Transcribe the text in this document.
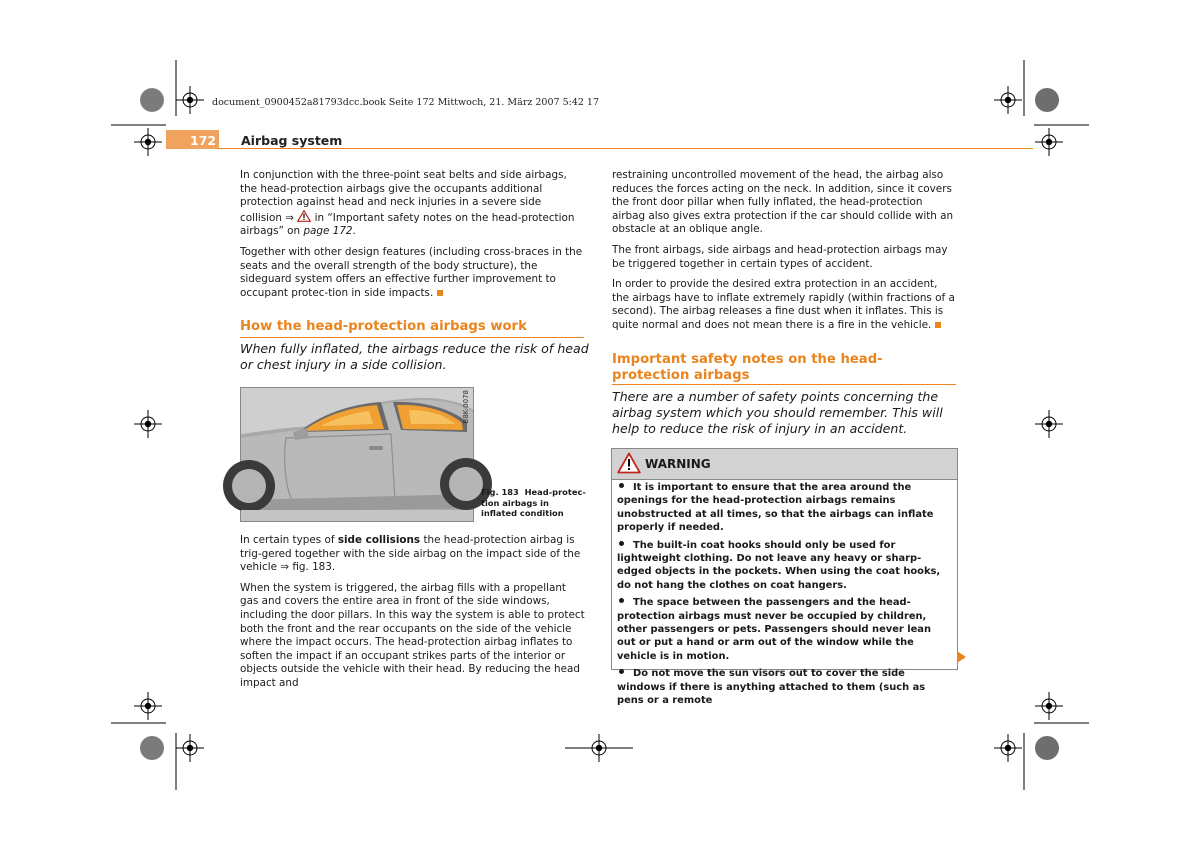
document_0900452a81793dcc.book Seite 172 Mittwoch, 21. März 2007 5:42 17
172 Airbag system

In conjunction with the three-point seat belts and side airbags, the head-protection airbags give the occupants additional protection against head and neck injuries in a severe side collision ⇒ in “Important safety notes on the head-protection airbags” on page 172.

Together with other design features (including cross-braces in the seats and the overall strength of the body structure), the sideguard system offers an effective further improvement to occupant protec-tion in side impacts.

How the head-protection airbags work
When fully inflated, the airbags reduce the risk of head or chest injury in a side collision.
B8K-0078
Fig. 183 Head-protec-tion airbags in inflated condition

In certain types of side collisions the head-protection airbag is trig-gered together with the side airbag on the impact side of the vehicle ⇒ fig. 183.

When the system is triggered, the airbag fills with a propellant gas and covers the entire area in front of the side windows, including the door pillars. In this way the system is able to protect both the front and the rear occupants on the side of the vehicle where the impact occurs. The head-protection airbag inflates to soften the impact if an occupant strikes parts of the interior or objects outside the vehicle with their head. By reducing the head impact and

restraining uncontrolled movement of the head, the airbag also reduces the forces acting on the neck. In addition, since it covers the front door pillar when fully inflated, the head-protection airbag also gives extra protection if the car should collide with an obstacle at an oblique angle.

The front airbags, side airbags and head-protection airbags may be triggered together in certain types of accident.

In order to provide the desired extra protection in an accident, the airbags have to inflate extremely rapidly (within fractions of a second). The airbag releases a fine dust when it inflates. This is quite normal and does not mean there is a fire in the vehicle.

Important safety notes on the head-protection airbags
There are a number of safety points concerning the airbag system which you should remember. This will help to reduce the risk of injury in an accident.
WARNING

It is important to ensure that the area around the openings for the head-protection airbags remains unobstructed at all times, so that the airbags can inflate properly if needed.

The built-in coat hooks should only be used for lightweight clothing. Do not leave any heavy or sharp-edged objects in the pockets. When using the coat hooks, do not hang the clothes on coat hangers.

The space between the passengers and the head-protection airbags must never be occupied by children, other passengers or pets. Passengers should never lean out or put a hand or arm out of the window while the vehicle is in motion.

Do not move the sun visors out to cover the side windows if there is anything attached to them (such as pens or a remote
